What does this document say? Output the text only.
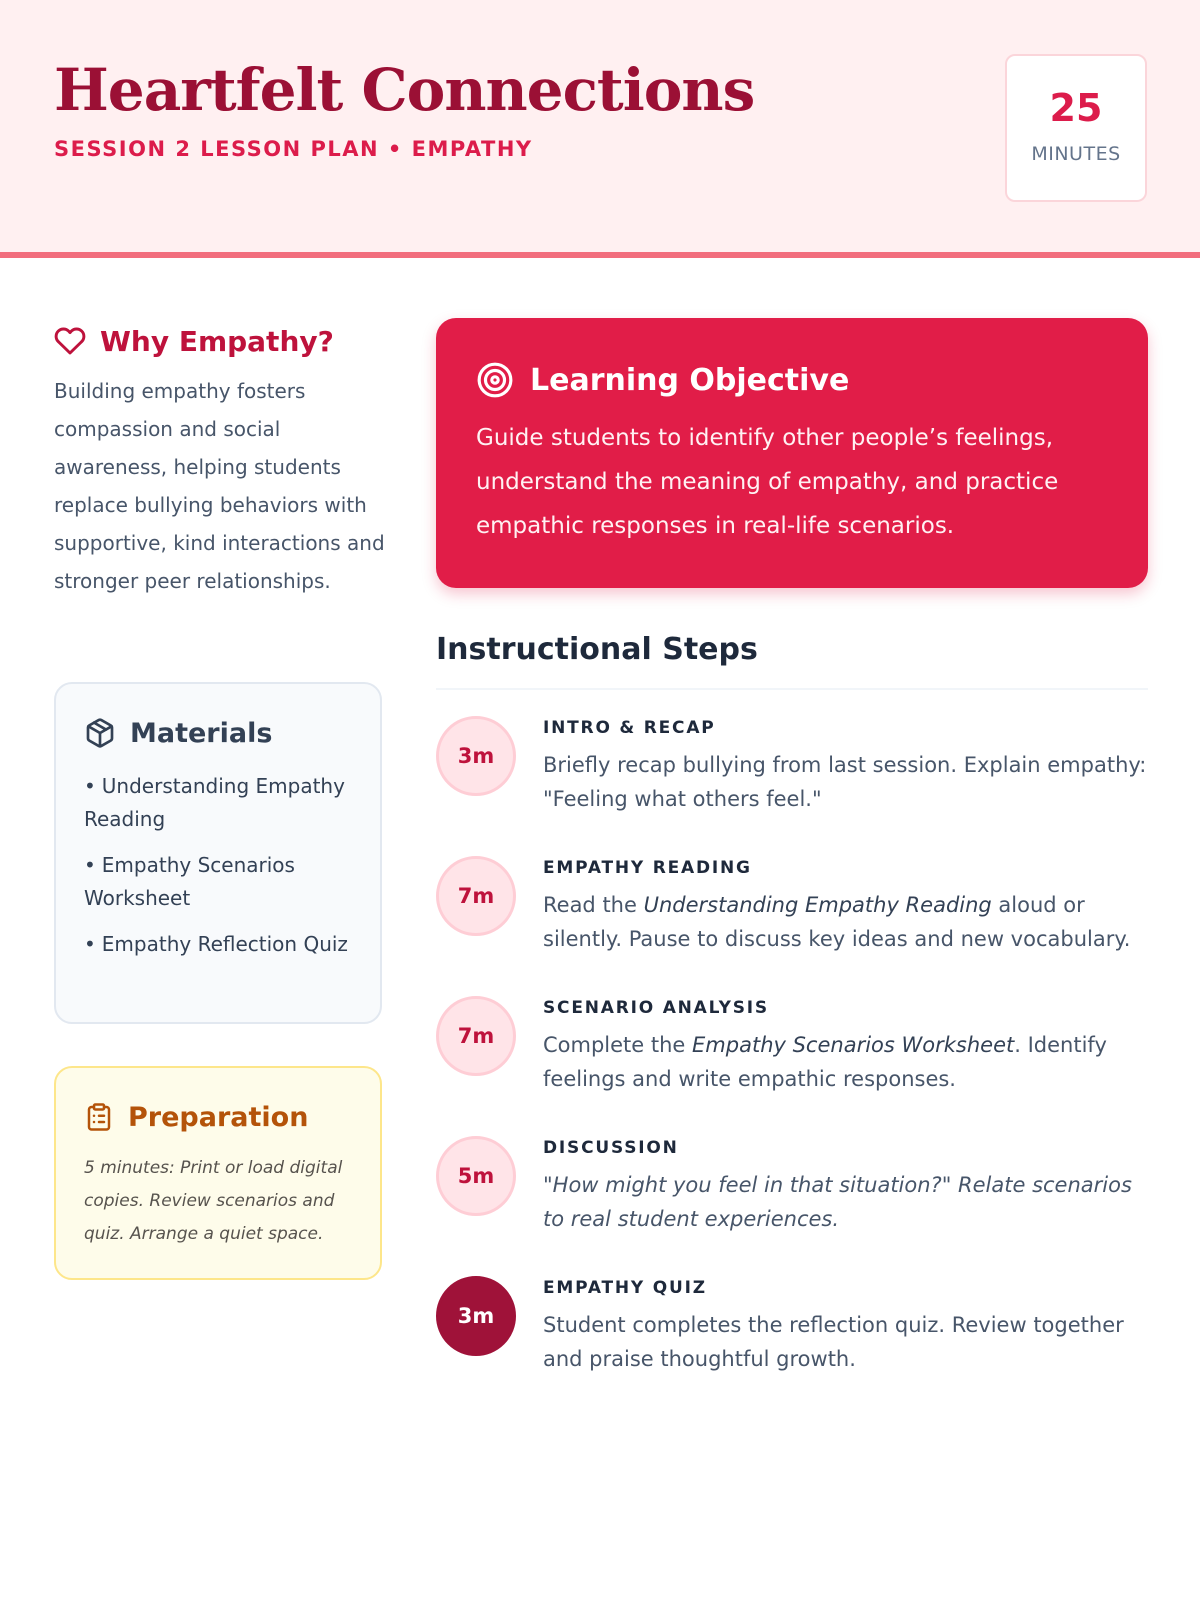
Heartfelt Connections
SESSION 2 LESSON PLAN • EMPATHY
25
MINUTES
Why Empathy?

Building empathy fosters compassion and social awareness, helping students replace bullying behaviors with supportive, kind interactions and stronger peer relationships.

Materials
• Understanding Empathy Reading
• Empathy Scenarios Worksheet
• Empathy Reflection Quiz
Preparation

5 minutes: Print or load digital copies. Review scenarios and quiz. Arrange a quiet space.

Learning Objective

Guide students to identify other people’s feelings, understand the meaning of empathy, and practice empathic responses in real-life scenarios.

Instructional Steps
3m
INTRO & RECAP

Briefly recap bullying from last session. Explain empathy: "Feeling what others feel."

7m
EMPATHY READING

Read the Understanding Empathy Reading aloud or silently. Pause to discuss key ideas and new vocabulary.

7m
SCENARIO ANALYSIS

Complete the Empathy Scenarios Worksheet. Identify feelings and write empathic responses.

5m
DISCUSSION

"How might you feel in that situation?" Relate scenarios to real student experiences.

3m
EMPATHY QUIZ

Student completes the reflection quiz. Review together and praise thoughtful growth.
